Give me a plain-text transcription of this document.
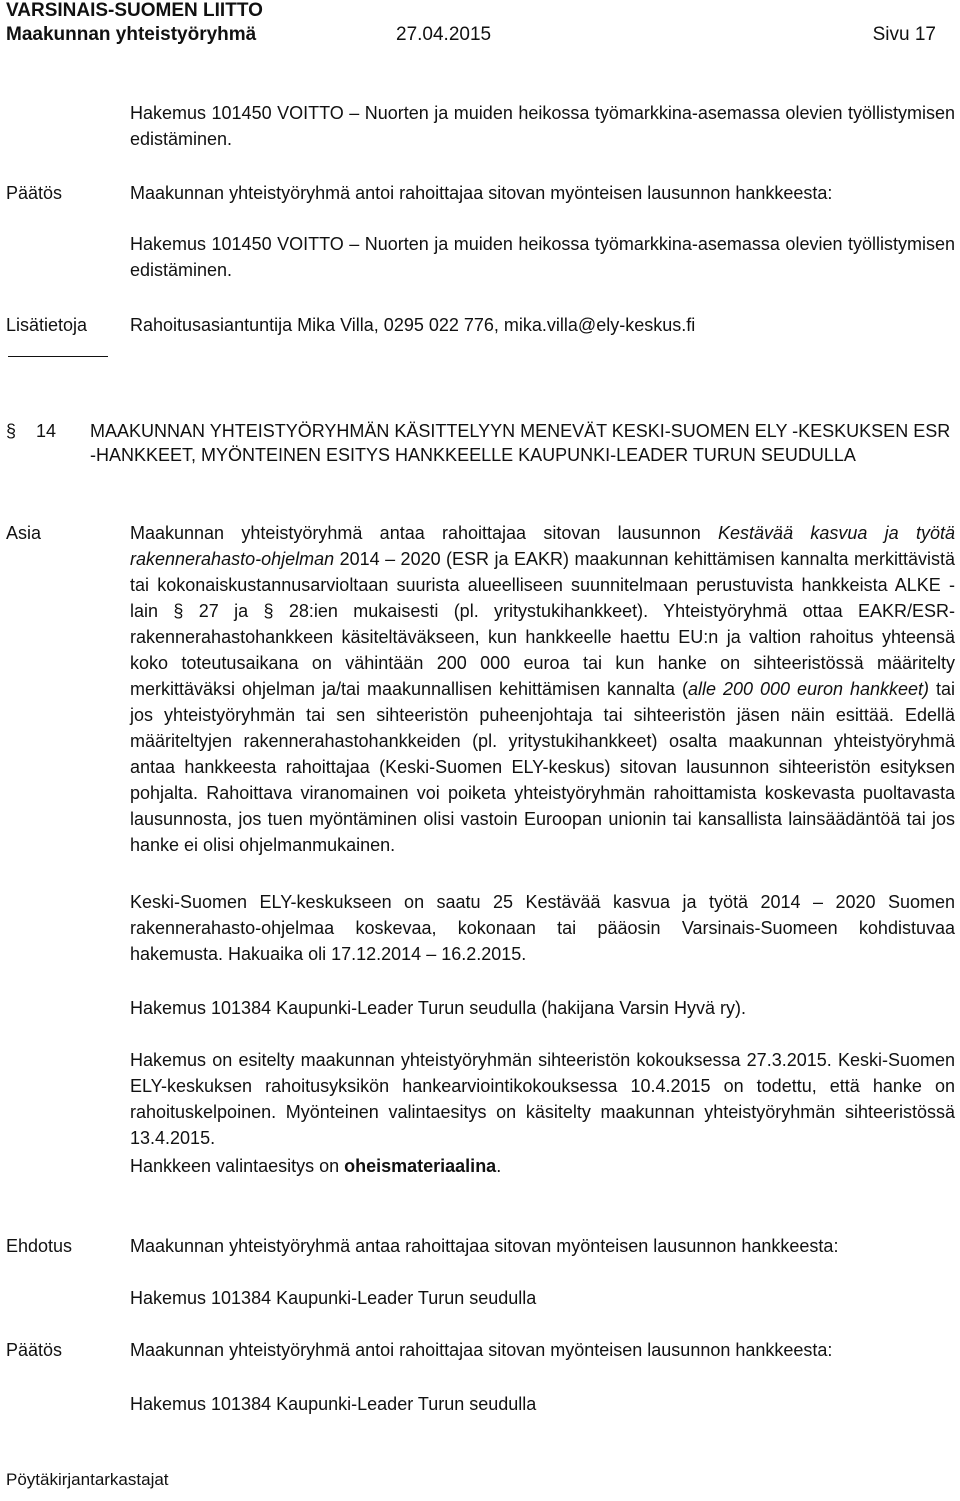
VARSINAIS-SUOMEN LIITTO
Maakunnan yhteistyöryhmä	27.04.2015	Sivu 17
Hakemus 101450 VOITTO – Nuorten ja muiden heikossa työmarkkina-asemassa olevien työllistymisen edistäminen.
Päätös	Maakunnan yhteistyöryhmä antoi rahoittajaa sitovan myönteisen lausunnon hankkeesta:
Hakemus 101450 VOITTO – Nuorten ja muiden heikossa työmarkkina-asemassa olevien työllistymisen edistäminen.
Lisätietoja Rahoitusasiantuntija Mika Villa, 0295 022 776, mika.villa@ely-keskus.fi
§ 14 MAAKUNNAN YHTEISTYÖRYHMÄN KÄSITTELYYN MENEVÄT KESKI-SUOMEN ELY -KESKUKSEN ESR -HANKKEET, MYÖNTEINEN ESITYS HANKKEELLE KAUPUNKI-LEADER TURUN SEUDULLA
Asia	Maakunnan yhteistyöryhmä antaa rahoittajaa sitovan lausunnon Kestävää kasvua ja työtä rakennerahasto-ohjelman 2014 – 2020 (ESR ja EAKR) maakunnan kehittämisen kannalta merkittävistä tai kokonaiskustannusarvioltaan suurista alueelliseen suunnitelmaan perustuvista hankkeista ALKE -lain § 27 ja § 28:ien mukaisesti (pl. yritystukihankkeet). Yhteistyöryhmä ottaa EAKR/ESR-rakennerahastohankkeen käsiteltäväkseen, kun hankkeelle haettu EU:n ja valtion rahoitus yhteensä koko toteutusaikana on vähintään 200 000 euroa tai kun hanke on sihteeristössä määritelty merkittäväksi ohjelman ja/tai maakunnallisen kehittämisen kannalta (alle 200 000 euron hankkeet) tai jos yhteistyöryhmän tai sen sihteeristön puheenjohtaja tai sihteeristön jäsen näin esittää. Edellä määriteltyjen rakennerahastohankkeiden (pl. yritystukihankkeet) osalta maakunnan yhteistyöryhmä antaa hankkeesta rahoittajaa (Keski-Suomen ELY-keskus) sitovan lausunnon sihteeristön esityksen pohjalta. Rahoittava viranomainen voi poiketa yhteistyöryhmän rahoittamista koskevasta puoltavasta lausunnosta, jos tuen myöntäminen olisi vastoin Euroopan unionin tai kansallista lainsäädäntöä tai jos hanke ei olisi ohjelmanmukainen.
Keski-Suomen ELY-keskukseen on saatu 25 Kestävää kasvua ja työtä 2014 – 2020 Suomen rakennerahasto-ohjelmaa koskevaa, kokonaan tai pääosin Varsinais-Suomeen kohdistuvaa hakemusta. Hakuaika oli 17.12.2014 – 16.2.2015.
Hakemus 101384 Kaupunki-Leader Turun seudulla (hakijana Varsin Hyvä ry).
Hakemus on esitelty maakunnan yhteistyöryhmän sihteeristön kokouksessa 27.3.2015. Keski-Suomen ELY-keskuksen rahoitusyksikön hankearviointikokouksessa 10.4.2015 on todettu, että hanke on rahoituskelpoinen. Myönteinen valintaesitys on käsitelty maakunnan yhteistyöryhmän sihteeristössä 13.4.2015.
Hankkeen valintaesitys on oheismateriaalina.
Ehdotus	Maakunnan yhteistyöryhmä antaa rahoittajaa sitovan myönteisen lausunnon hankkeesta:
Hakemus 101384 Kaupunki-Leader Turun seudulla
Päätös	Maakunnan yhteistyöryhmä antoi rahoittajaa sitovan myönteisen lausunnon hankkeesta:
Hakemus 101384 Kaupunki-Leader Turun seudulla
Pöytäkirjantarkastajat
